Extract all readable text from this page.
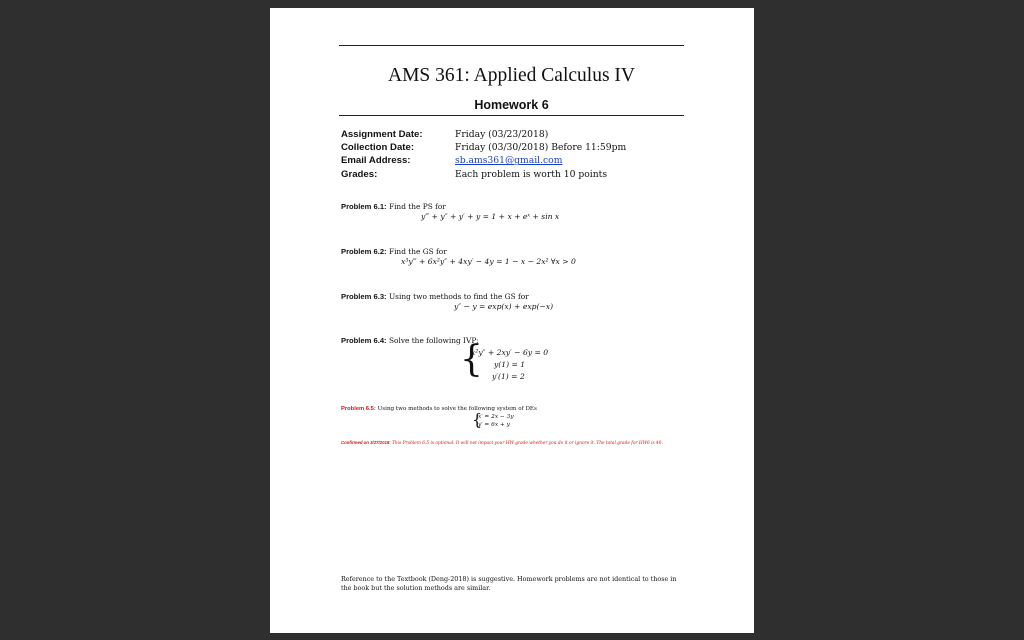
AMS 361: Applied Calculus IV
Homework 6
Assignment Date:	Friday (03/23/2018)
Collection Date:	Friday (03/30/2018) Before 11:59pm
Email Address:	sb.ams361@gmail.com
Grades:	Each problem is worth 10 points
Problem 6.1: Find the PS for
y‴ + y″ + y′ + y = 1 + x + eˣ + sin x
Problem 6.2: Find the GS for
x³y‴ + 6x²y″ + 4xy′ − 4y = 1 − x − 2x² ∀x > 0
Problem 6.3: Using two methods to find the GS for
y″ − y = exp(x) + exp(−x)
Problem 6.4: Solve the following IVP:
{
x²y″ + 2xy′ − 6y = 0
y(1) = 1
y′(1) = 2
Problem 6.5: Using two methods to solve the following system of DEs
{
x′ = 2x − 3y
y′ = 6x + y
Confirmed on 3/27/2018: This Problem 6.5 is optional. It will not impact your HW grade whether you do it or ignore it. The total grade for HW6 is 40.
Reference to the Textbook (Deng-2018) is suggestive. Homework problems are not identical to those in the book but the solution methods are similar.
